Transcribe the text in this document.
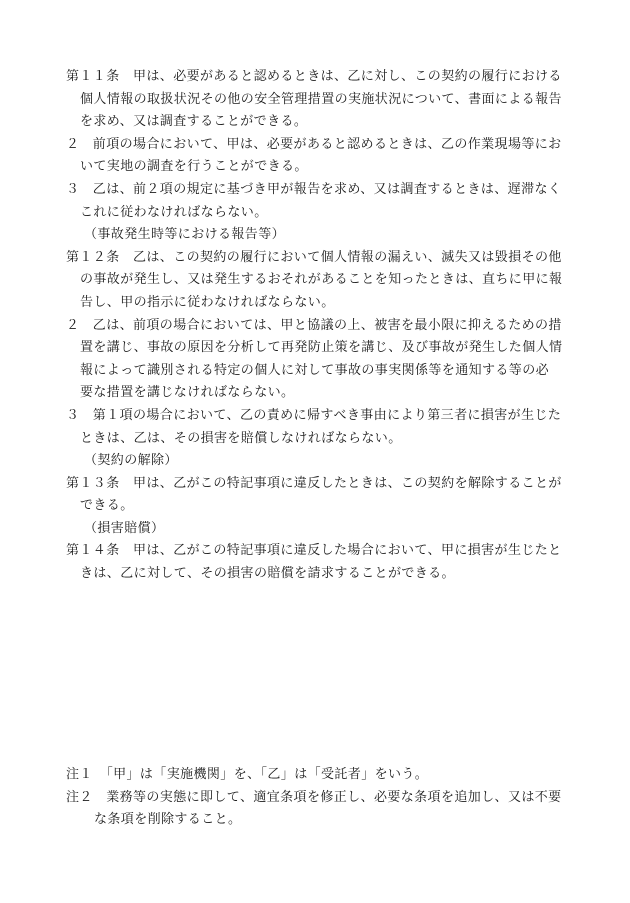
第１１条　甲は、必要があると認めるときは、乙に対し、この契約の履行における
個人情報の取扱状況その他の安全管理措置の実施状況について、書面による報告
を求め、又は調査することができる。
２　前項の場合において、甲は、必要があると認めるときは、乙の作業現場等にお
いて実地の調査を行うことができる。
３　乙は、前２項の規定に基づき甲が報告を求め、又は調査するときは、遅滞なく
これに従わなければならない。
（事故発生時等における報告等）
第１２条　乙は、この契約の履行において個人情報の漏えい、滅失又は毀損その他
の事故が発生し、又は発生するおそれがあることを知ったときは、直ちに甲に報
告し、甲の指示に従わなければならない。
２　乙は、前項の場合においては、甲と協議の上、被害を最小限に抑えるための措
置を講じ、事故の原因を分析して再発防止策を講じ、及び事故が発生した個人情
報によって識別される特定の個人に対して事故の事実関係等を通知する等の必
要な措置を講じなければならない。
３　第１項の場合において、乙の責めに帰すべき事由により第三者に損害が生じた
ときは、乙は、その損害を賠償しなければならない。
（契約の解除）
第１３条　甲は、乙がこの特記事項に違反したときは、この契約を解除することが
できる。
（損害賠償）
第１４条　甲は、乙がこの特記事項に違反した場合において、甲に損害が生じたと
きは、乙に対して、その損害の賠償を請求することができる。
注１　「甲」は「実施機関」を、「乙」は「受託者」をいう。
注２　業務等の実態に即して、適宜条項を修正し、必要な条項を追加し、又は不要
な条項を削除すること。
